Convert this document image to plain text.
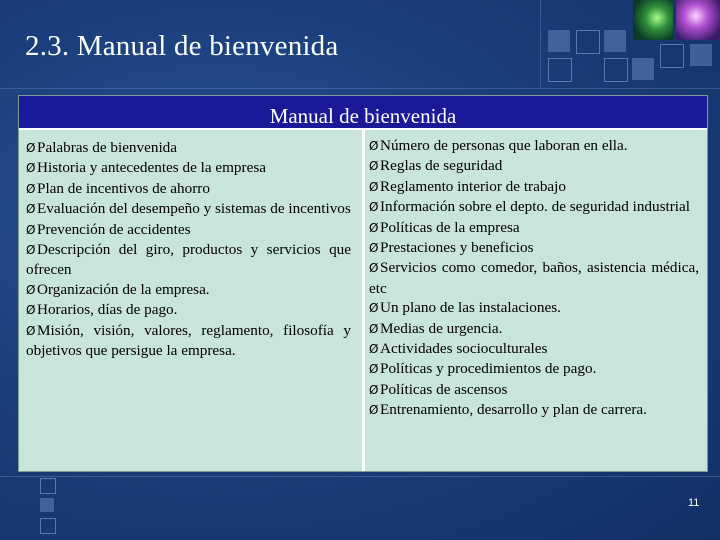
2.3. Manual de bienvenida
Manual de bienvenida

Ø Palabras de bienvenida

Ø Historia y antecedentes de la empresa

Ø Plan de incentivos de ahorro

Ø Evaluación del desempeño y sistemas de incentivos

Ø Prevención de accidentes

Ø Descripción del giro, productos y servicios que ofrecen

Ø Organización de la empresa.

Ø Horarios, días de pago.

Ø Misión, visión, valores, reglamento, filosofía y objetivos que persigue la empresa.

Ø Número de personas que laboran en ella.

Ø Reglas de seguridad

Ø Reglamento interior de trabajo

Ø Información sobre el depto. de seguridad industrial

Ø Políticas de la empresa

Ø Prestaciones y beneficios

Ø Servicios como comedor, baños, asistencia médica, etc

Ø Un plano de las instalaciones.

Ø Medias de urgencia.

Ø Actividades socioculturales

Ø Políticas y procedimientos de pago.

Ø Políticas de ascensos

Ø Entrenamiento, desarrollo y plan de carrera.

11
